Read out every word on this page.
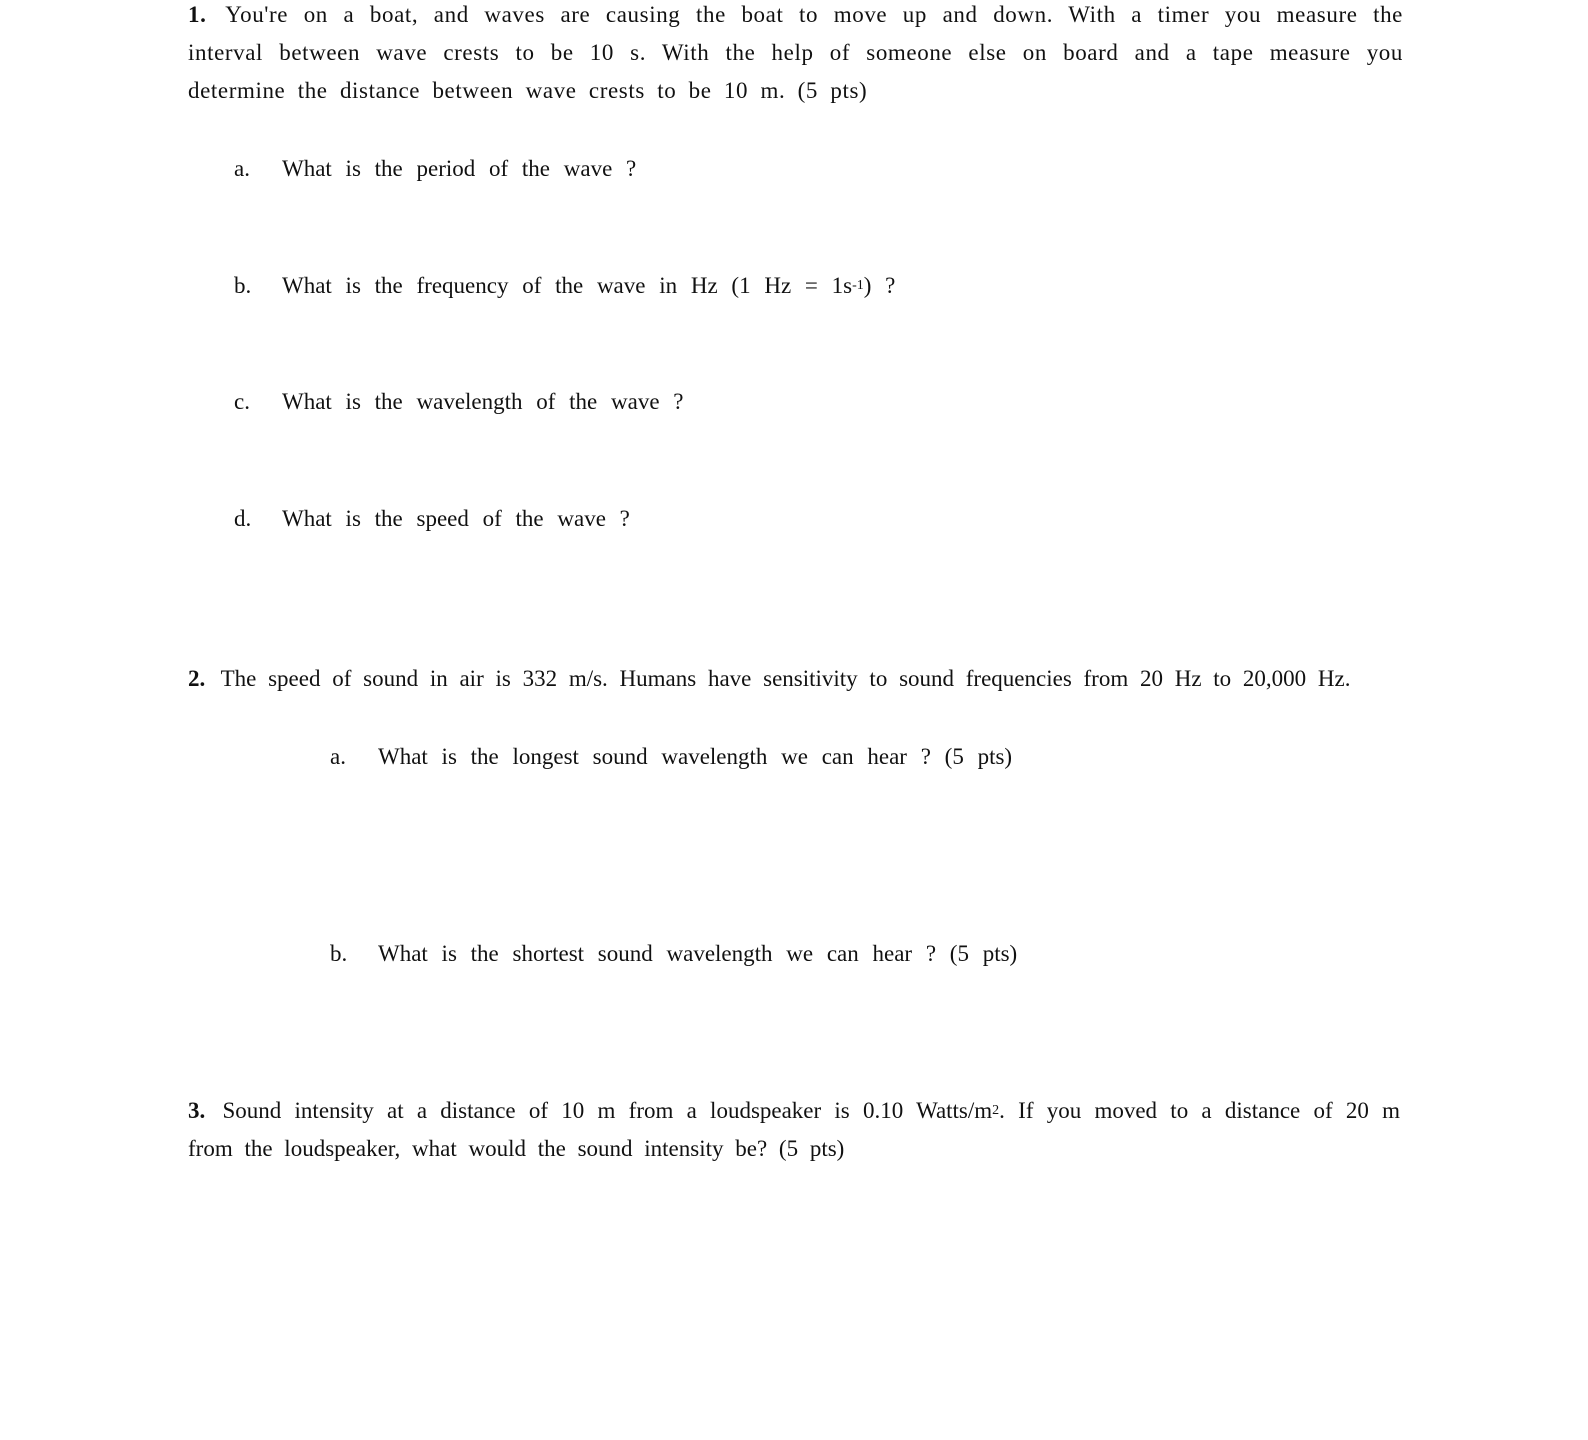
1. You're on a boat, and waves are causing the boat to move up and down. With a timer you measure the interval between wave crests to be 10 s. With the help of someone else on board and a tape measure you determine the distance between wave crests to be 10 m. (5 pts)
a. What is the period of the wave ?
b. What is the frequency of the wave in Hz (1 $Hz = 1s^{-1}$) ?
c. What is the wavelength of the wave ?
d. What is the speed of the wave ?
2. The speed of sound in air is 332 m/s. Humans have sensitivity to sound frequencies from 20 Hz to 20,000 Hz.
a. What is the longest sound wavelength we can hear ? (5 pts)
b. What is the shortest sound wavelength we can hear ? (5 pts)
3. Sound intensity at a distance of 10 m from a loudspeaker is 0.10 Watts/$m^2$. If you moved to a distance of 20 m from the loudspeaker, what would the sound intensity be? (5 pts)
